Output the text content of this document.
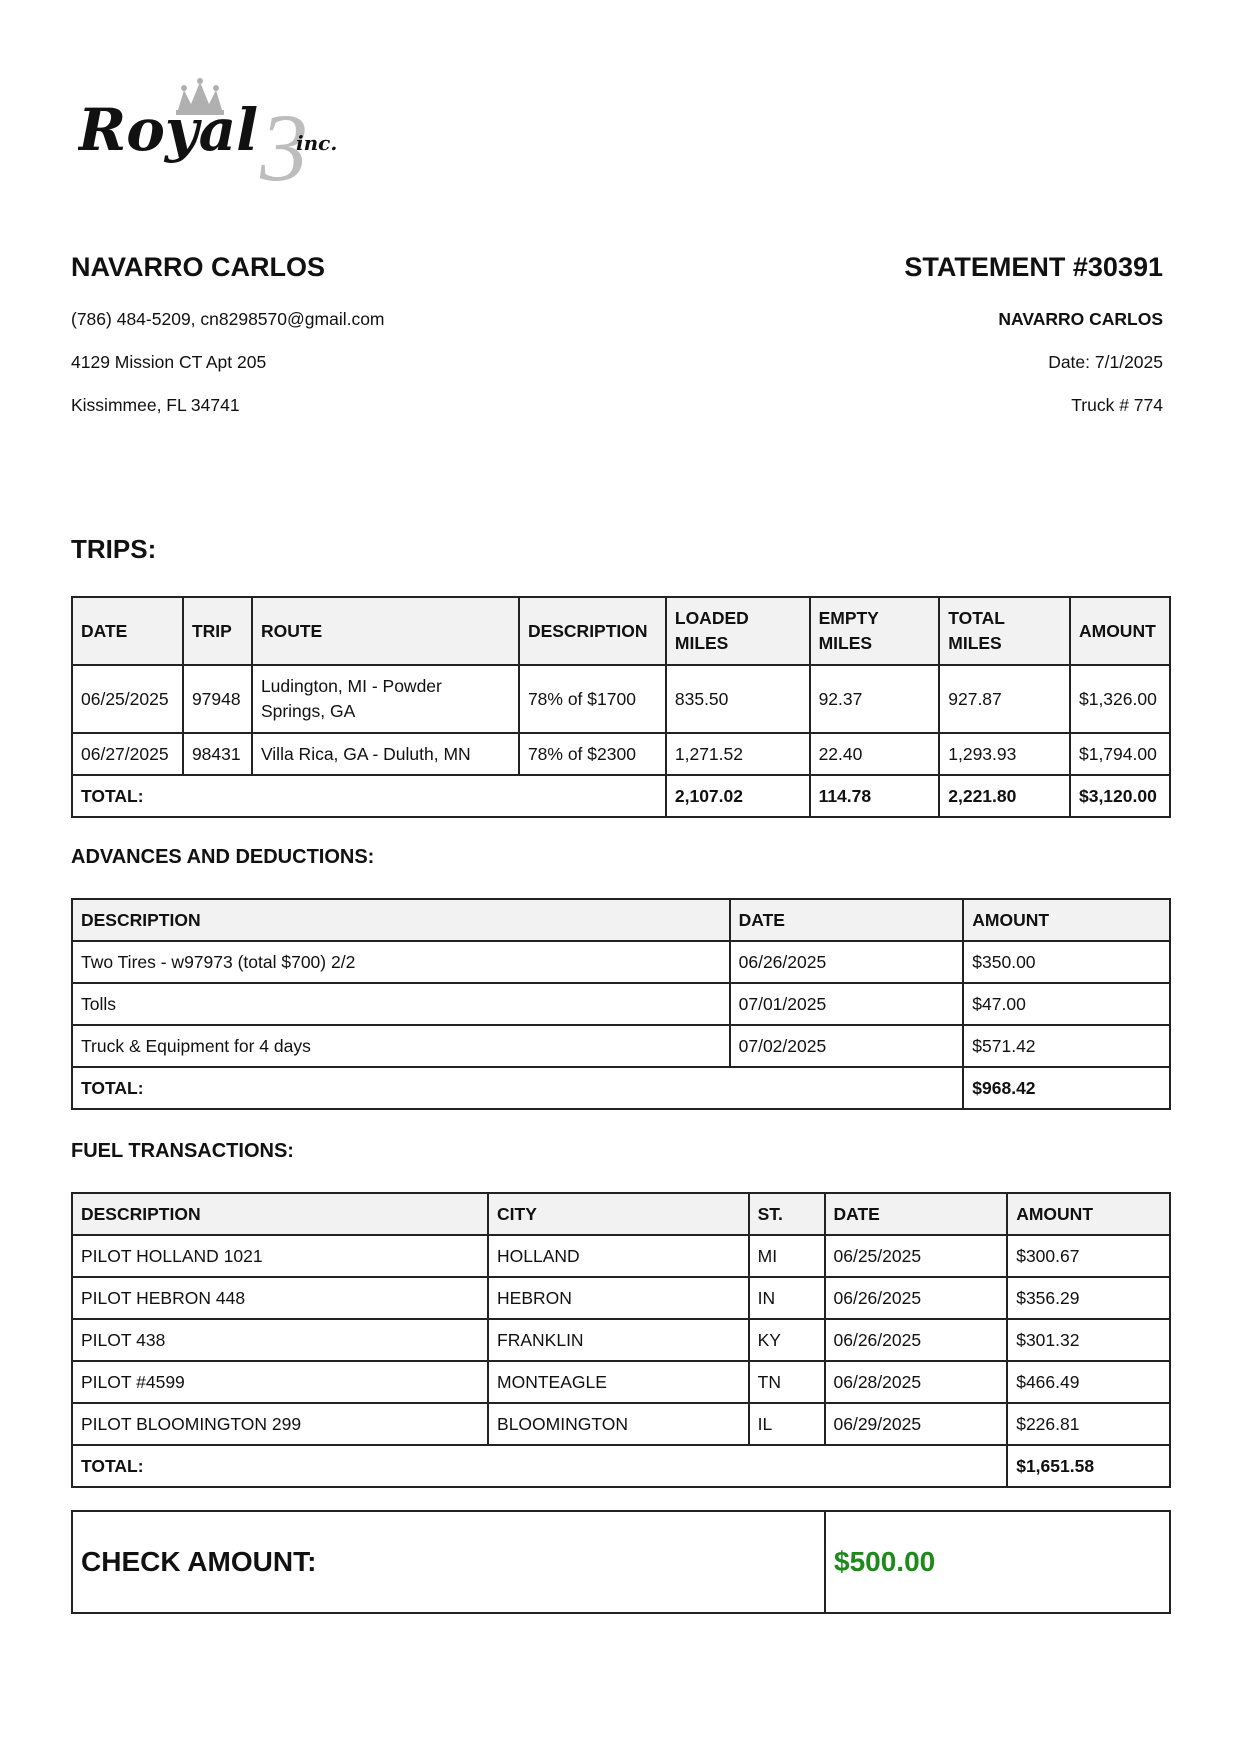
3
Royal inc.
NAVARRO CARLOS
(786) 484-5209, cn8298570@gmail.com
4129 Mission CT Apt 205
Kissimmee, FL 34741
STATEMENT #30391
NAVARRO CARLOS
Date: 7/1/2025
Truck # 774
TRIPS:
DATE	TRIP	ROUTE	DESCRIPTION	LOADED MILES	EMPTY MILES	TOTAL MILES	AMOUNT
06/25/2025	97948	Ludington, MI - Powder Springs, GA	78% of $1700	835.50	92.37	927.87	$1,326.00
06/27/2025	98431	Villa Rica, GA - Duluth, MN	78% of $2300	1,271.52	22.40	1,293.93	$1,794.00
TOTAL:				2,107.02	114.78	2,221.80	$3,120.00
ADVANCES AND DEDUCTIONS:
DESCRIPTION	DATE	AMOUNT
Two Tires - w97973 (total $700) 2/2	06/26/2025	$350.00
Tolls	07/01/2025	$47.00
Truck & Equipment for 4 days	07/02/2025	$571.42
TOTAL:		$968.42
FUEL TRANSACTIONS:
DESCRIPTION	CITY	ST.	DATE	AMOUNT
PILOT HOLLAND 1021	HOLLAND	MI	06/25/2025	$300.67
PILOT HEBRON 448	HEBRON	IN	06/26/2025	$356.29
PILOT 438	FRANKLIN	KY	06/26/2025	$301.32
PILOT #4599	MONTEAGLE	TN	06/28/2025	$466.49
PILOT BLOOMINGTON 299	BLOOMINGTON	IL	06/29/2025	$226.81
TOTAL:				$1,651.58
CHECK AMOUNT:	$500.00
